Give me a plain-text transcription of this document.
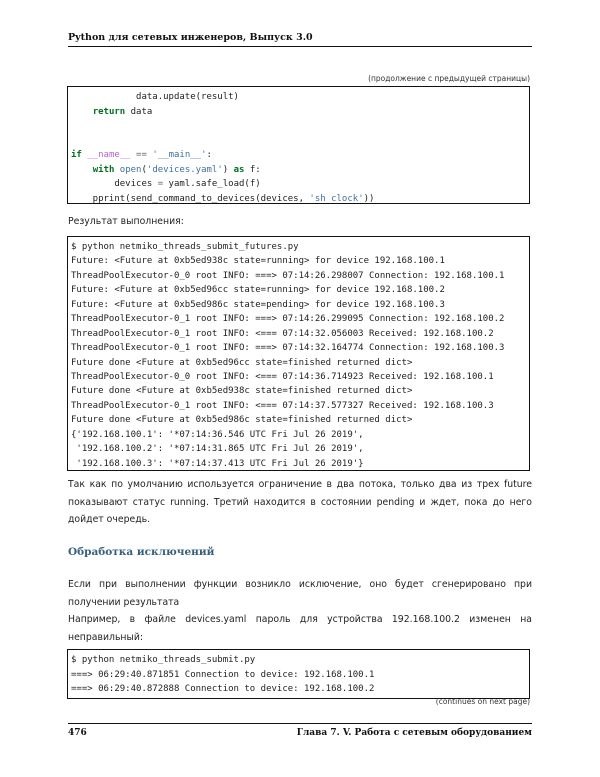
Python для сетевых инженеров, Выпуск 3.0
(продолжение с предыдущей страницы)
data.update(result)
return data
if __name__ == '__main__':
with open('devices.yaml') as f:
devices = yaml.safe_load(f)
pprint(send_command_to_devices(devices, 'sh clock'))
Результат выполнения:
$ python netmiko_threads_submit_futures.py
Future: <Future at 0xb5ed938c state=running> for device 192.168.100.1
ThreadPoolExecutor-0_0 root INFO: ===> 07:14:26.298007 Connection: 192.168.100.1
Future: <Future at 0xb5ed96cc state=running> for device 192.168.100.2
Future: <Future at 0xb5ed986c state=pending> for device 192.168.100.3
ThreadPoolExecutor-0_1 root INFO: ===> 07:14:26.299095 Connection: 192.168.100.2
ThreadPoolExecutor-0_1 root INFO: <=== 07:14:32.056003 Received: 192.168.100.2
ThreadPoolExecutor-0_1 root INFO: ===> 07:14:32.164774 Connection: 192.168.100.3
Future done <Future at 0xb5ed96cc state=finished returned dict>
ThreadPoolExecutor-0_0 root INFO: <=== 07:14:36.714923 Received: 192.168.100.1
Future done <Future at 0xb5ed938c state=finished returned dict>
ThreadPoolExecutor-0_1 root INFO: <=== 07:14:37.577327 Received: 192.168.100.3
Future done <Future at 0xb5ed986c state=finished returned dict>
{'192.168.100.1': '*07:14:36.546 UTC Fri Jul 26 2019',
'192.168.100.2': '*07:14:31.865 UTC Fri Jul 26 2019',
'192.168.100.3': '*07:14:37.413 UTC Fri Jul 26 2019'}
Так как по умолчанию используется ограничение в два потока, только два из трех future показывают статус running. Третий находится в состоянии pending и ждет, пока до него дойдет очередь.
Обработка исключений
Если при выполнении функции возникло исключение, оно будет сгенерировано при получении результата
Например, в файле devices.yaml пароль для устройства 192.168.100.2 изменен на неправильный:
$ python netmiko_threads_submit.py
===> 06:29:40.871851 Connection to device: 192.168.100.1
===> 06:29:40.872888 Connection to device: 192.168.100.2
(continues on next page)
476	Глава 7. V. Работа с сетевым оборудованием
